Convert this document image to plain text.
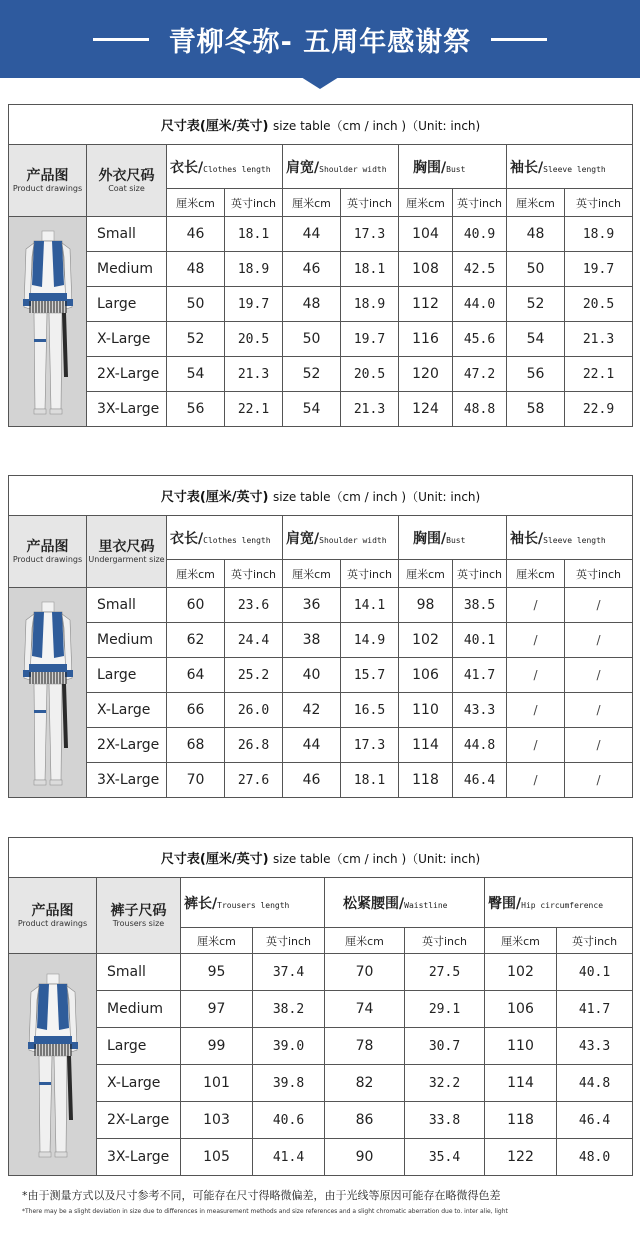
青柳冬弥- 五周年感谢祭
尺寸表(厘米/英寸) size table（cm / inch )（Unit: inch)									

产品图
Product drawings	外衣尺码
Coat size	衣长/Clothes length		肩宽/Shoulder width		胸围/Bust		袖长/Sleeve length	
		厘米cm	英寸inch	厘米cm	英寸inch	厘米cm	英寸inch	厘米cm	英寸inch

	Small	46	18.1	44	17.3	104	40.9	48	18.9
	Medium	48	18.9	46	18.1	108	42.5	50	19.7
	Large	50	19.7	48	18.9	112	44.0	52	20.5
	X-Large	52	20.5	50	19.7	116	45.6	54	21.3
	2X-Large	54	21.3	52	20.5	120	47.2	56	22.1
	3X-Large	56	22.1	54	21.3	124	48.8	58	22.9
尺寸表(厘米/英寸) size table（cm / inch )（Unit: inch)									

产品图
Product drawings	里衣尺码
Undergarment size	衣长/Clothes length		肩宽/Shoulder width		胸围/Bust		袖长/Sleeve length	
		厘米cm	英寸inch	厘米cm	英寸inch	厘米cm	英寸inch	厘米cm	英寸inch

	Small	60	23.6	36	14.1	98	38.5	/	/
	Medium	62	24.4	38	14.9	102	40.1	/	/
	Large	64	25.2	40	15.7	106	41.7	/	/
	X-Large	66	26.0	42	16.5	110	43.3	/	/
	2X-Large	68	26.8	44	17.3	114	44.8	/	/
	3X-Large	70	27.6	46	18.1	118	46.4	/	/
尺寸表(厘米/英寸) size table（cm / inch )（Unit: inch)							

产品图
Product drawings	裤子尺码
Trousers size	裤长/Trousers length		松紧腰围/Waistline		臀围/Hip circumference	
		厘米cm	英寸inch	厘米cm	英寸inch	厘米cm	英寸inch

	Small	95	37.4	70	27.5	102	40.1
	Medium	97	38.2	74	29.1	106	41.7
	Large	99	39.0	78	30.7	110	43.3
	X-Large	101	39.8	82	32.2	114	44.8
	2X-Large	103	40.6	86	33.8	118	46.4
	3X-Large	105	41.4	90	35.4	122	48.0
*由于测量方式以及尺寸参考不同，可能存在尺寸得略微偏差，由于光线等原因可能存在略微得色差
*There may be a slight deviation in size due to differences in measurement methods and size references and a slight chromatic aberration due to. inter alie, light
